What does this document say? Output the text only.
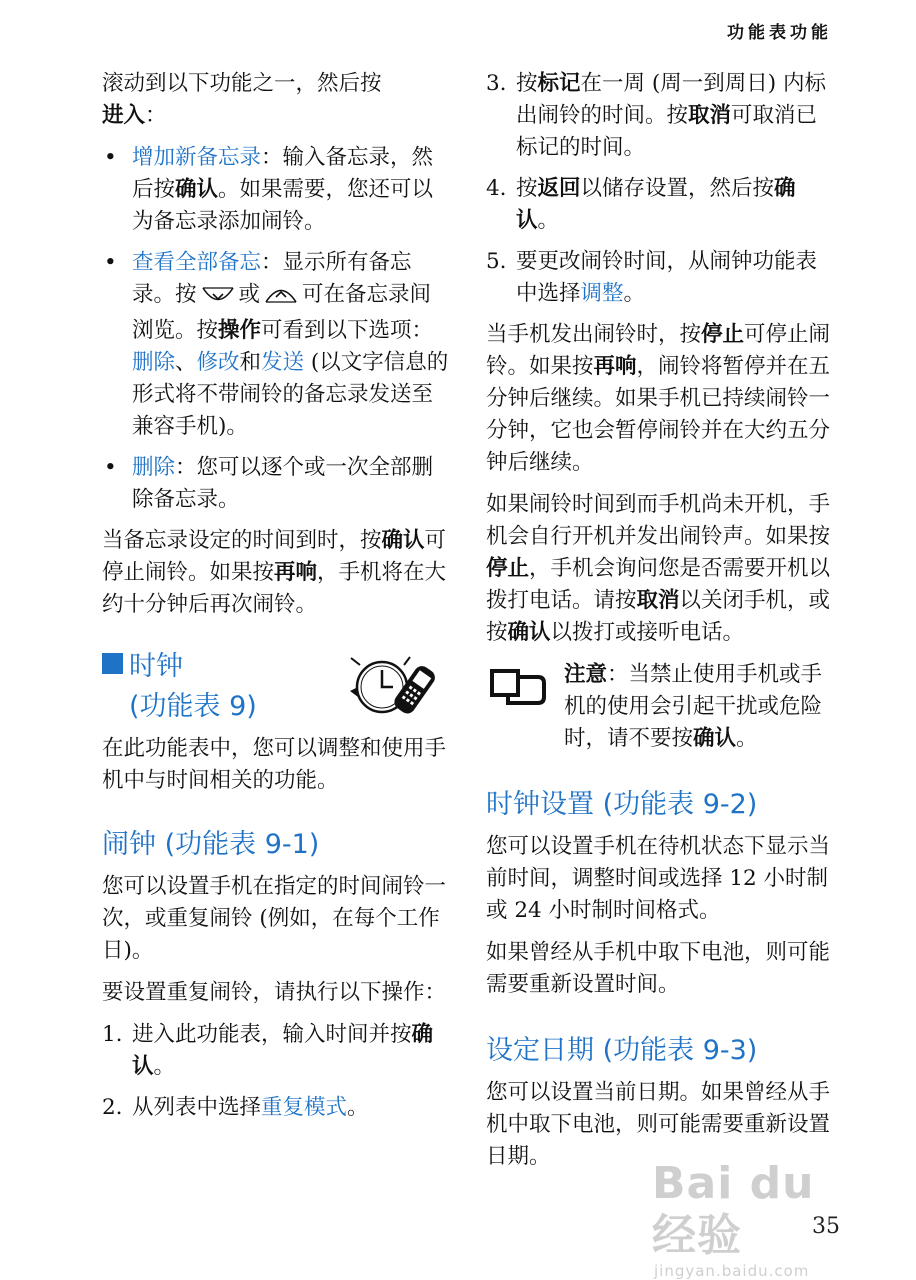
功能表功能

滚动到以下功能之一，然后按
进入：

• 增加新备忘录：输入备忘录，然后按确认。如果需要，您还可以为备忘录添加闹铃。
• 查看全部备忘：显示所有备忘录。按 或 可在备忘录间浏览。按操作可看到以下选项：删除、修改和发送 (以文字信息的形式将不带闹铃的备忘录发送至兼容手机)。
• 删除：您可以逐个或一次全部删除备忘录。

当备忘录设定的时间到时，按确认可停止闹铃。如果按再响，手机将在大约十分钟后再次闹铃。

时钟
(功能表 9)

在此功能表中，您可以调整和使用手机中与时间相关的功能。

闹钟 (功能表 9-1)

您可以设置手机在指定的时间闹铃一次，或重复闹铃 (例如，在每个工作日)。

要设置重复闹铃，请执行以下操作：

1. 进入此功能表，输入时间并按确认。
2. 从列表中选择重复模式。
3. 按标记在一周 (周一到周日) 内标出闹铃的时间。按取消可取消已标记的时间。
4. 按返回以储存设置，然后按确认。
5. 要更改闹铃时间，从闹钟功能表中选择调整。

当手机发出闹铃时，按停止可停止闹铃。如果按再响，闹铃将暂停并在五分钟后继续。如果手机已持续闹铃一分钟，它也会暂停闹铃并在大约五分钟后继续。

如果闹铃时间到而手机尚未开机，手机会自行开机并发出闹铃声。如果按停止，手机会询问您是否需要开机以拨打电话。请按取消以关闭手机，或按确认以拨打或接听电话。

注意：当禁止使用手机或手机的使用会引起干扰或危险时，请不要按确认。

时钟设置 (功能表 9-2)

您可以设置手机在待机状态下显示当前时间，调整时间或选择 12 小时制或 24 小时制时间格式。

如果曾经从手机中取下电池，则可能需要重新设置时间。

设定日期 (功能表 9-3)

您可以设置当前日期。如果曾经从手机中取下电池，则可能需要重新设置日期。

Bai du 经验
jingyan.baidu.com
35
